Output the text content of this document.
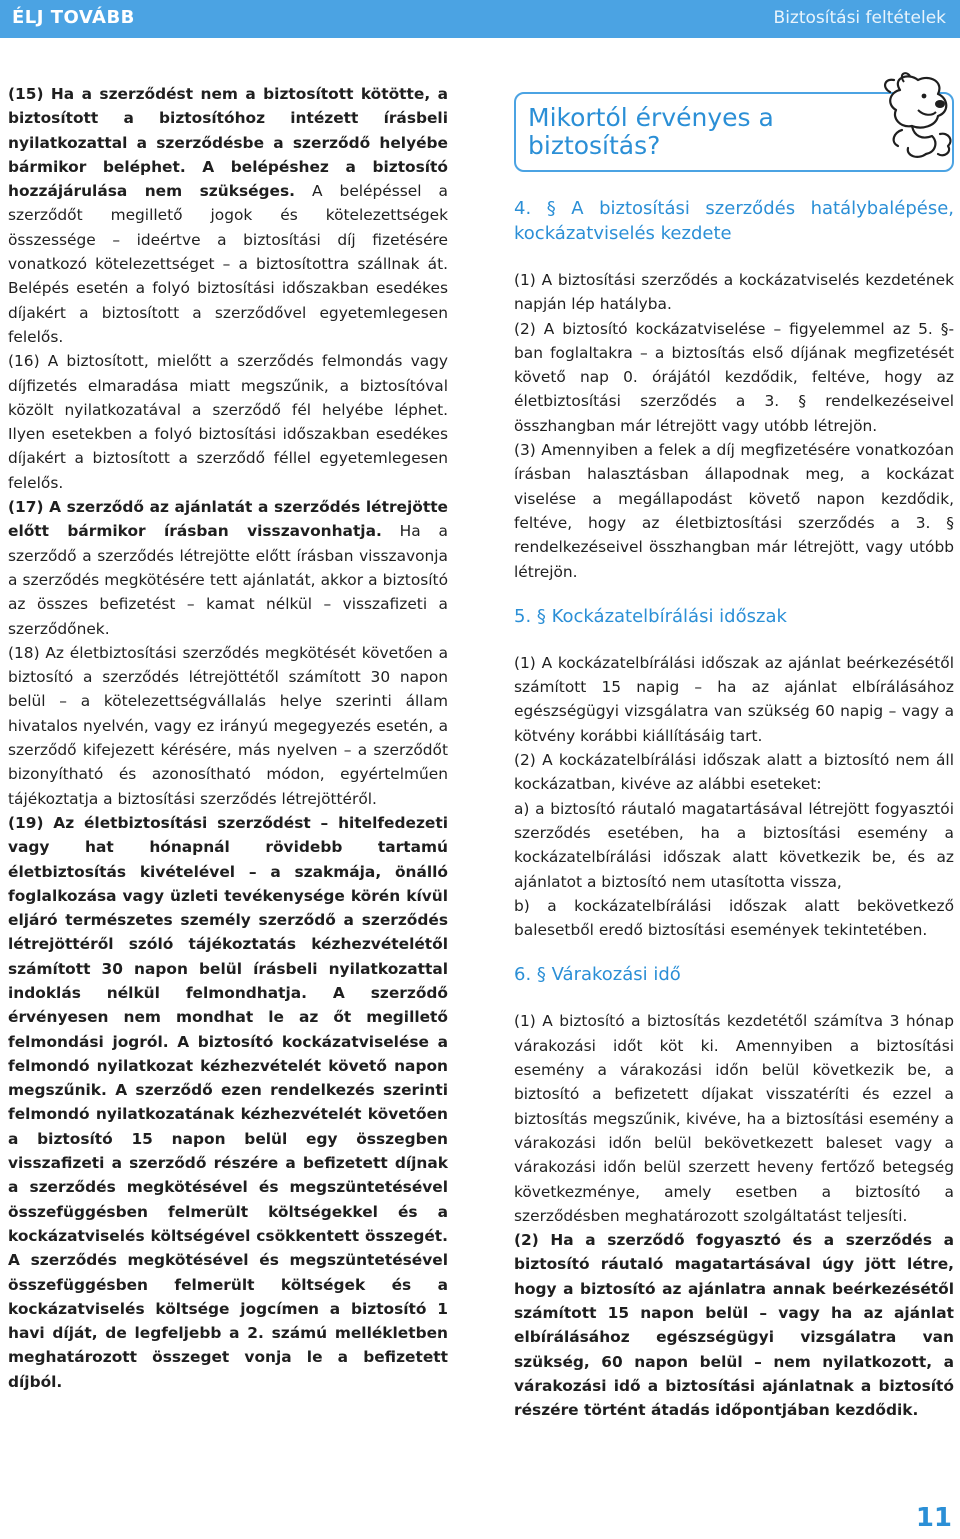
ÉLJ TOVÁBB	Biztosítási feltételek

(15) Ha a szerződést nem a biztosított kötötte, a biztosított a biztosítóhoz intézett írásbeli nyilatkozattal a szerződésbe a szerződő helyébe bármikor beléphet. A belépéshez a biztosító hozzájárulása nem szükséges. A belépéssel a szerződőt megillető jogok és kötelezettségek összessége – ideértve a biztosítási díj fizetésére vonatkozó kötelezettséget – a biztosítottra szállnak át. Belépés esetén a folyó biztosítási időszakban esedékes díjakért a biztosított a szerződővel egyetemlegesen felelős.

(16) A biztosított, mielőtt a szerződés felmondás vagy díjfizetés elmaradása miatt megszűnik, a biztosítóval közölt nyilatkozatával a szerződő fél helyébe léphet. Ilyen esetekben a folyó biztosítási időszakban esedékes díjakért a biztosított a szerződő féllel egyetemlegesen felelős.

(17) A szerződő az ajánlatát a szerződés létrejötte előtt bármikor írásban visszavonhatja. Ha a szerződő a szerződés létrejötte előtt írásban visszavonja a szerződés megkötésére tett ajánlatát, akkor a biztosító az összes befizetést – kamat nélkül – visszafizeti a szerződőnek.

(18) Az életbiztosítási szerződés megkötését követően a biztosító a szerződés létrejöttétől számított 30 napon belül – a kötelezettségvállalás helye szerinti állam hivatalos nyelvén, vagy ez irányú megegyezés esetén, a szerződő kifejezett kérésére, más nyelven – a szerződőt bizonyítható és azonosítható módon, egyértelműen tájékoztatja a biztosítási szerződés létrejöttéről.

(19) Az életbiztosítási szerződést – hitelfedezeti vagy hat hónapnál rövidebb tartamú életbiztosítás kivételével – a szakmája, önálló foglalkozása vagy üzleti tevékenysége körén kívül eljáró természetes személy szerződő a szerződés létrejöttéről szóló tájékoztatás kézhezvételétől számított 30 napon belül írásbeli nyilatkozattal indoklás nélkül felmondhatja. A szerződő érvényesen nem mondhat le az őt megillető felmondási jogról. A biztosító kockázatviselése a felmondó nyilatkozat kézhezvételét követő napon megszűnik. A szerződő ezen rendelkezés szerinti felmondó nyilatkozatának kézhezvételét követően a biztosító 15 napon belül egy összegben visszafizeti a szerződő részére a befizetett díjnak a szerződés megkötésével és megszüntetésével összefüggésben felmerült költségekkel és a kockázatviselés költségével csökkentett összegét. A szerződés megkötésével és megszüntetésével összefüggésben felmerült költségek és a kockázatviselés költsége jogcímen a biztosító 1 havi díját, de legfeljebb a 2. számú mellékletben meghatározott összeget vonja le a befizetett díjból.

Mikortól érvényes a biztosítás?

4. § A biztosítási szerződés hatálybalépése, kockázatviselés kezdete

(1) A biztosítási szerződés a kockázatviselés kezdetének napján lép hatályba.

(2) A biztosító kockázatviselése – figyelemmel az 5. §-ban foglaltakra – a biztosítás első díjának megfizetését követő nap 0. órájától kezdődik, feltéve, hogy az életbiztosítási szerződés a 3. § rendelkezéseivel összhangban már létrejött vagy utóbb létrejön.

(3) Amennyiben a felek a díj megfizetésére vonatkozóan írásban halasztásban állapodnak meg, a kockázat viselése a megállapodást követő napon kezdődik, feltéve, hogy az életbiztosítási szerződés a 3. § rendelkezéseivel összhangban már létrejött, vagy utóbb létrejön.

5. § Kockázatelbírálási időszak

(1) A kockázatelbírálási időszak az ajánlat beérkezésétől számított 15 napig – ha az ajánlat elbírálásához egészségügyi vizsgálatra van szükség 60 napig – vagy a kötvény korábbi kiállításáig tart.

(2) A kockázatelbírálási időszak alatt a biztosító nem áll kockázatban, kivéve az alábbi eseteket:

a) a biztosító ráutaló magatartásával létrejött fogyasztói szerződés esetében, ha a biztosítási esemény a kockázatelbírálási időszak alatt következik be, és az ajánlatot a biztosító nem utasította vissza,

b) a kockázatelbírálási időszak alatt bekövetkező balesetből eredő biztosítási események tekintetében.

6. § Várakozási idő

(1) A biztosító a biztosítás kezdetétől számítva 3 hónap várakozási időt köt ki. Amennyiben a biztosítási esemény a várakozási időn belül következik be, a biztosító a befizetett díjakat visszatéríti és ezzel a biztosítás megszűnik, kivéve, ha a biztosítási esemény a várakozási időn belül bekövetkezett baleset vagy a várakozási időn belül szerzett heveny fertőző betegség következménye, amely esetben a biztosító a szerződésben meghatározott szolgáltatást teljesíti.

(2) Ha a szerződő fogyasztó és a szerződés a biztosító ráutaló magatartásával úgy jött létre, hogy a biztosító az ajánlatra annak beérkezésétől számított 15 napon belül – vagy ha az ajánlat elbírálásához egészségügyi vizsgálatra van szükség, 60 napon belül – nem nyilatkozott, a várakozási idő a biztosítási ajánlatnak a biztosító részére történt átadás időpontjában kezdődik.

11
